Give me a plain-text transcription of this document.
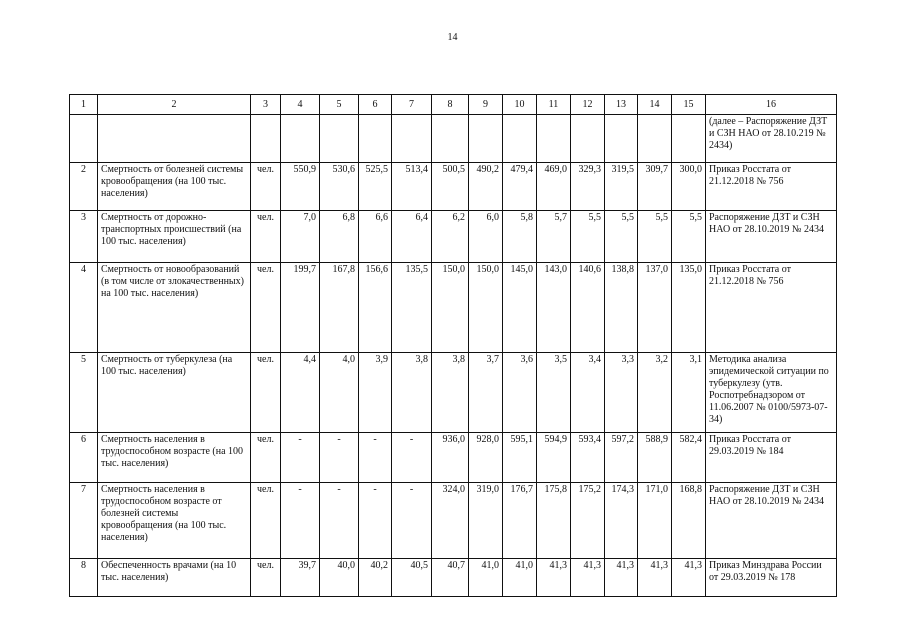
14
1	2	3	4	5	6	7	8	9	10	11	12	13	14	15	16
															(далее – Распоряжение ДЗТ и СЗН НАО от 28.10.219 № 2434)
2	Смертность от болезней системы кровообращения (на 100 тыс. населения)	чел.	550,9	530,6	525,5	513,4	500,5	490,2	479,4	469,0	329,3	319,5	309,7	300,0	Приказ Росстата от 21.12.2018 № 756
3	Смертность от дорожно-транспортных происшествий (на 100 тыс. населения)	чел.	7,0	6,8	6,6	6,4	6,2	6,0	5,8	5,7	5,5	5,5	5,5	5,5	Распоряжение ДЗТ и СЗН НАО от 28.10.2019 № 2434
4	Смертность от новообразований (в том числе от злокачественных) на 100 тыс. населения)	чел.	199,7	167,8	156,6	135,5	150,0	150,0	145,0	143,0	140,6	138,8	137,0	135,0	Приказ Росстата от 21.12.2018 № 756
5	Смертность от туберкулеза (на 100 тыс. населения)	чел.	4,4	4,0	3,9	3,8	3,8	3,7	3,6	3,5	3,4	3,3	3,2	3,1	Методика анализа эпидемической ситуации по туберкулезу (утв. Роспотребнадзором от 11.06.2007 № 0100/5973-07-34)
6	Смертность населения в трудоспособном возрасте (на 100 тыс. населения)	чел.	-	-	-	-	936,0	928,0	595,1	594,9	593,4	597,2	588,9	582,4	Приказ Росстата от 29.03.2019 № 184
7	Смертность населения в трудоспособном возрасте от болезней системы кровообращения (на 100 тыс. населения)	чел.	-	-	-	-	324,0	319,0	176,7	175,8	175,2	174,3	171,0	168,8	Распоряжение ДЗТ и СЗН НАО от 28.10.2019 № 2434
8	Обеспеченность врачами (на 10 тыс. населения)	чел.	39,7	40,0	40,2	40,5	40,7	41,0	41,0	41,3	41,3	41,3	41,3	41,3	Приказ Минздрава России от 29.03.2019 № 178
